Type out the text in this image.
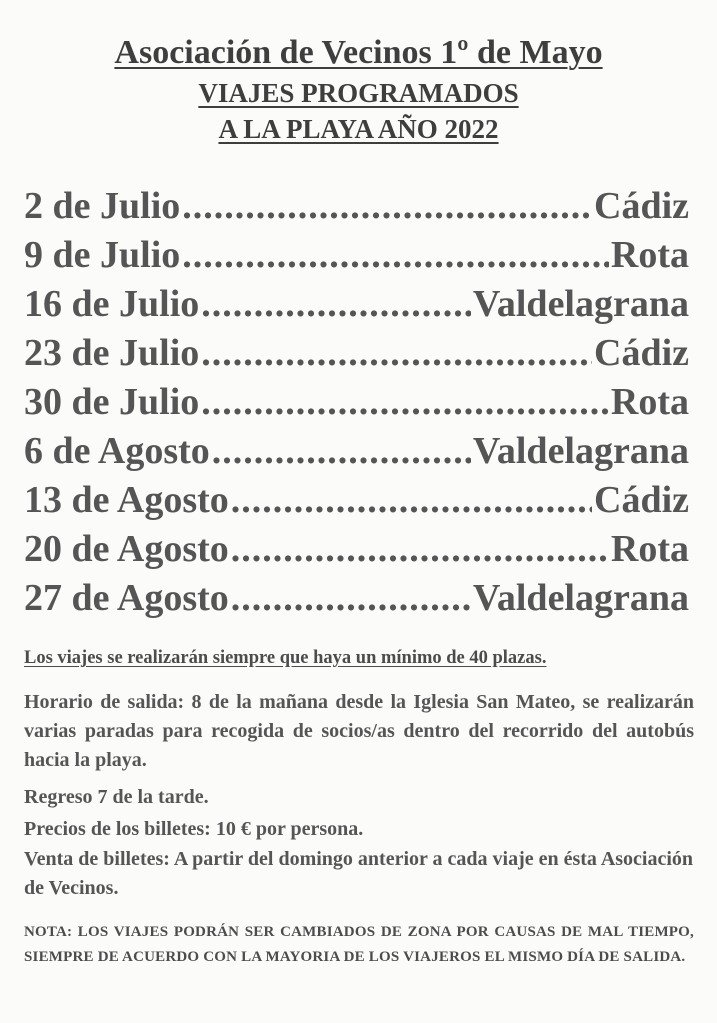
Asociación de Vecinos 1º de Mayo
VIAJES PROGRAMADOS
A LA PLAYA AÑO 2022
2 de Julio .....	Cádiz
9 de Julio .....	Rota
16 de Julio .....	Valdelagrana
23 de Julio .....	Cádiz
30 de Julio .....	Rota
6 de Agosto .....	Valdelagrana
13 de Agosto .....	Cádiz
20 de Agosto .....	Rota
27 de Agosto .....	Valdelagrana
Los viajes se realizarán siempre que haya un mínimo de 40 plazas.
Horario de salida: 8 de la mañana desde la Iglesia San Mateo, se realizarán varias paradas para recogida de socios/as dentro del recorrido del autobús hacia la playa.
Regreso 7 de la tarde.
Precios de los billetes: 10 € por persona.
Venta de billetes: A partir del domingo anterior a cada viaje en ésta Asociación de Vecinos.
NOTA: LOS VIAJES PODRÁN SER CAMBIADOS DE ZONA POR CAUSAS DE MAL TIEMPO, SIEMPRE DE ACUERDO CON LA MAYORIA DE LOS VIAJEROS EL MISMO DÍA DE SALIDA.
